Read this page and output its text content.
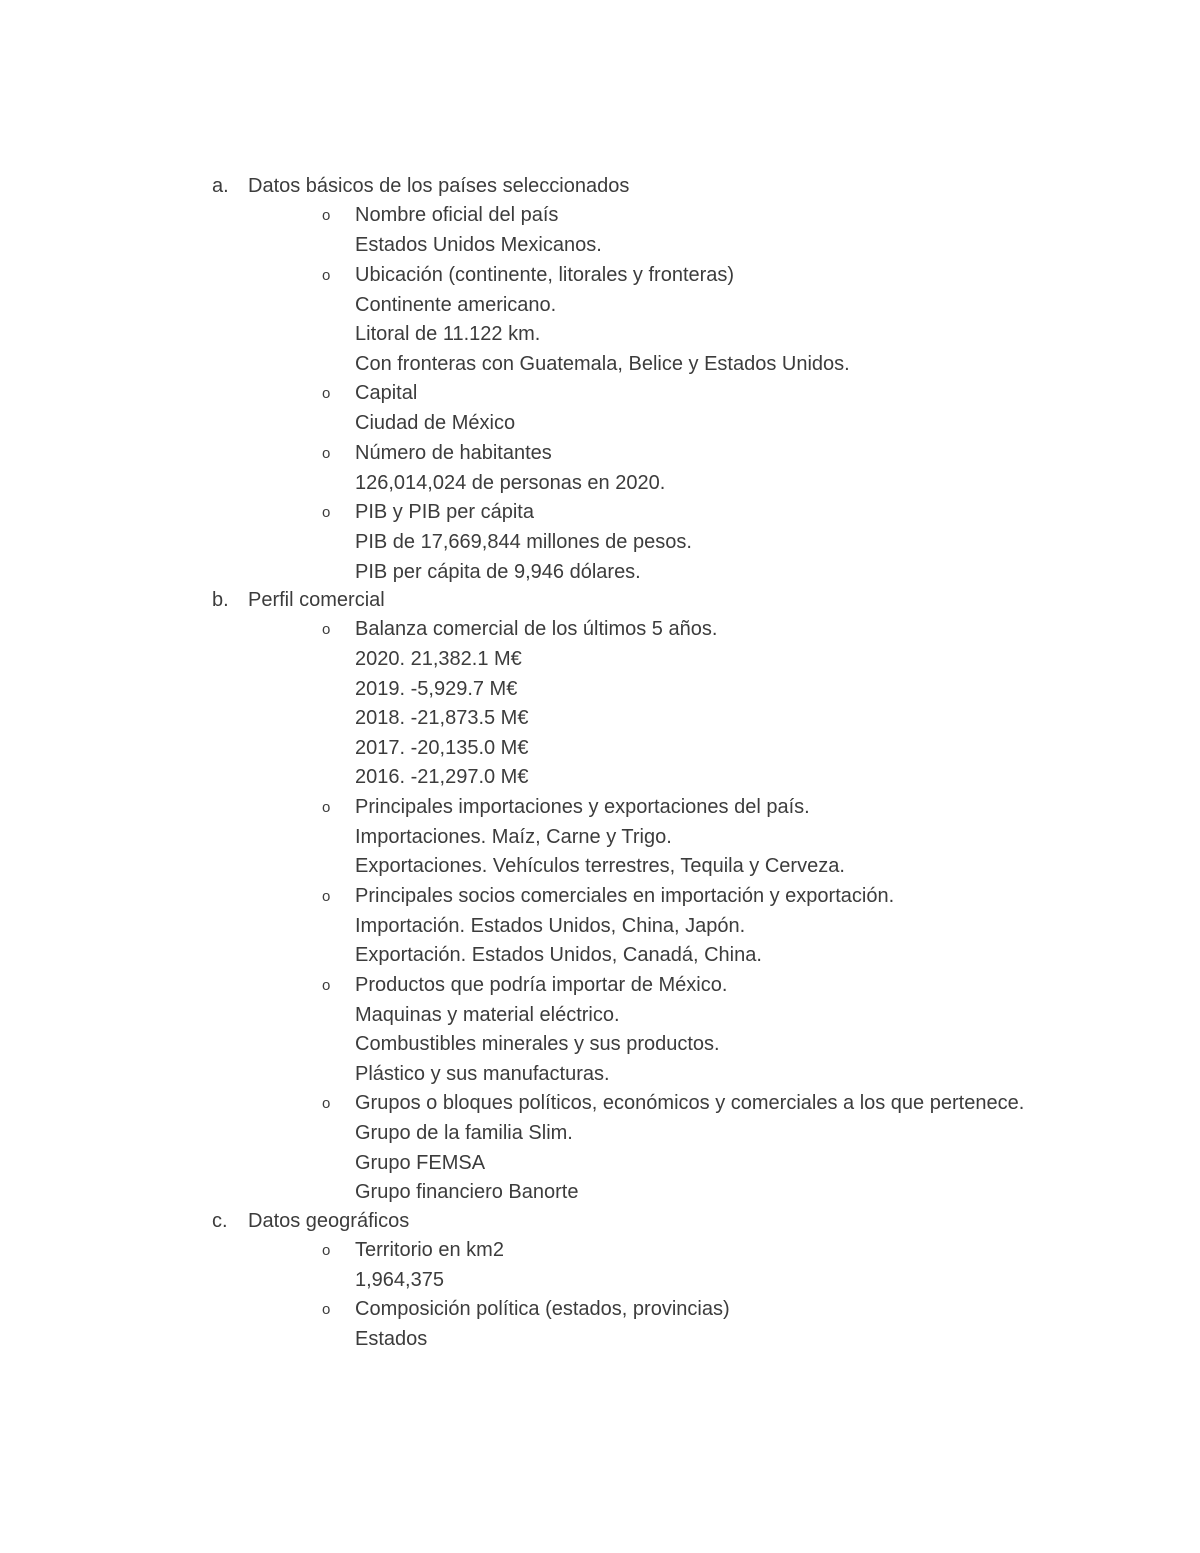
a. Datos básicos de los países seleccionados
o Nombre oficial del país
Estados Unidos Mexicanos.
o Ubicación (continente, litorales y fronteras)
Continente americano.
Litoral de 11.122 km.
Con fronteras con Guatemala, Belice y Estados Unidos.
o Capital
Ciudad de México
o Número de habitantes
126,014,024 de personas en 2020.
o PIB y PIB per cápita
PIB de 17,669,844 millones de pesos.
PIB per cápita de 9,946 dólares.
b. Perfil comercial
o Balanza comercial de los últimos 5 años.
2020. 21,382.1 M€
2019. -5,929.7 M€
2018. -21,873.5 M€
2017. -20,135.0 M€
2016. -21,297.0 M€
o Principales importaciones y exportaciones del país.
Importaciones. Maíz, Carne y Trigo.
Exportaciones. Vehículos terrestres, Tequila y Cerveza.
o Principales socios comerciales en importación y exportación.
Importación. Estados Unidos, China, Japón.
Exportación. Estados Unidos, Canadá, China.
o Productos que podría importar de México.
Maquinas y material eléctrico.
Combustibles minerales y sus productos.
Plástico y sus manufacturas.
o Grupos o bloques políticos, económicos y comerciales a los que pertenece.
Grupo de la familia Slim.
Grupo FEMSA
Grupo financiero Banorte
c. Datos geográficos
o Territorio en km2
1,964,375
o Composición política (estados, provincias)
Estados
